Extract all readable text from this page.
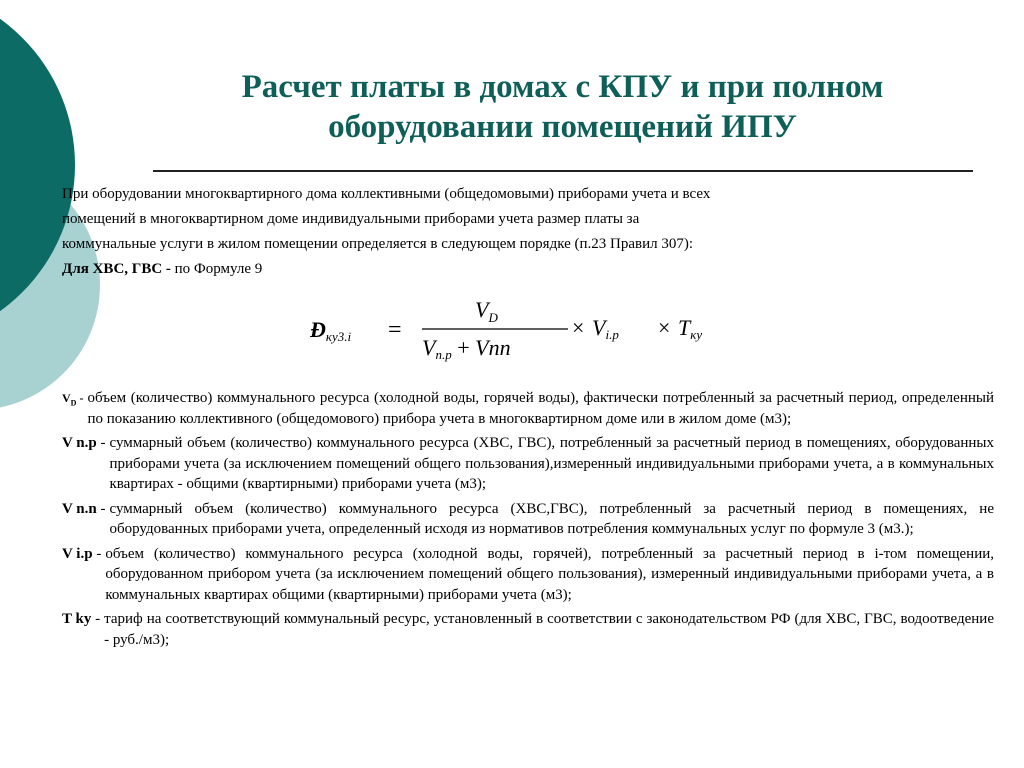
Расчет платы в домах с КПУ и при полном
оборудовании помещений ИПУ

При оборудовании многоквартирного дома коллективными (общедомовыми) приборами учета и всех

помещений в многоквартирном доме индивидуальными приборами учета размер платы за

коммунальные услуги в жилом помещении определяется в следующем порядке (п.23 Правил 307):

Для ХВС, ГВС - по Формуле 9

Ðку3.i =
$V_D$
Vn.p + Vnn
× Vi.p × Tку
$V_D$ - объем (количество) коммунального ресурса (холодной воды, горячей воды), фактически потребленный за расчетный период, определенный по показанию коллективного (общедомового) прибора учета в многоквартирном доме или в жилом доме (м3);
V n.p - суммарный объем (количество) коммунального ресурса (ХВС, ГВС), потребленный за расчетный период в помещениях, оборудованных приборами учета (за исключением помещений общего пользования),измеренный индивидуальными приборами учета, а в коммунальных квартирах - общими (квартирными) приборами учета (м3);
V n.n - суммарный объем (количество) коммунального ресурса (ХВС,ГВС), потребленный за расчетный период в помещениях, не оборудованных приборами учета, определенный исходя из нормативов потребления коммунальных услуг по формуле 3 (м3.);
V i.p - объем (количество) коммунального ресурса (холодной воды, горячей), потребленный за расчетный период в i-том помещении, оборудованном прибором учета (за исключением помещений общего пользования), измеренный индивидуальными приборами учета, а в коммунальных квартирах общими (квартирными) приборами учета (м3);
T ky - тариф на соответствующий коммунальный ресурс, установленный в соответствии с законодательством РФ (для ХВС, ГВС, водоотведение - руб./м3);
